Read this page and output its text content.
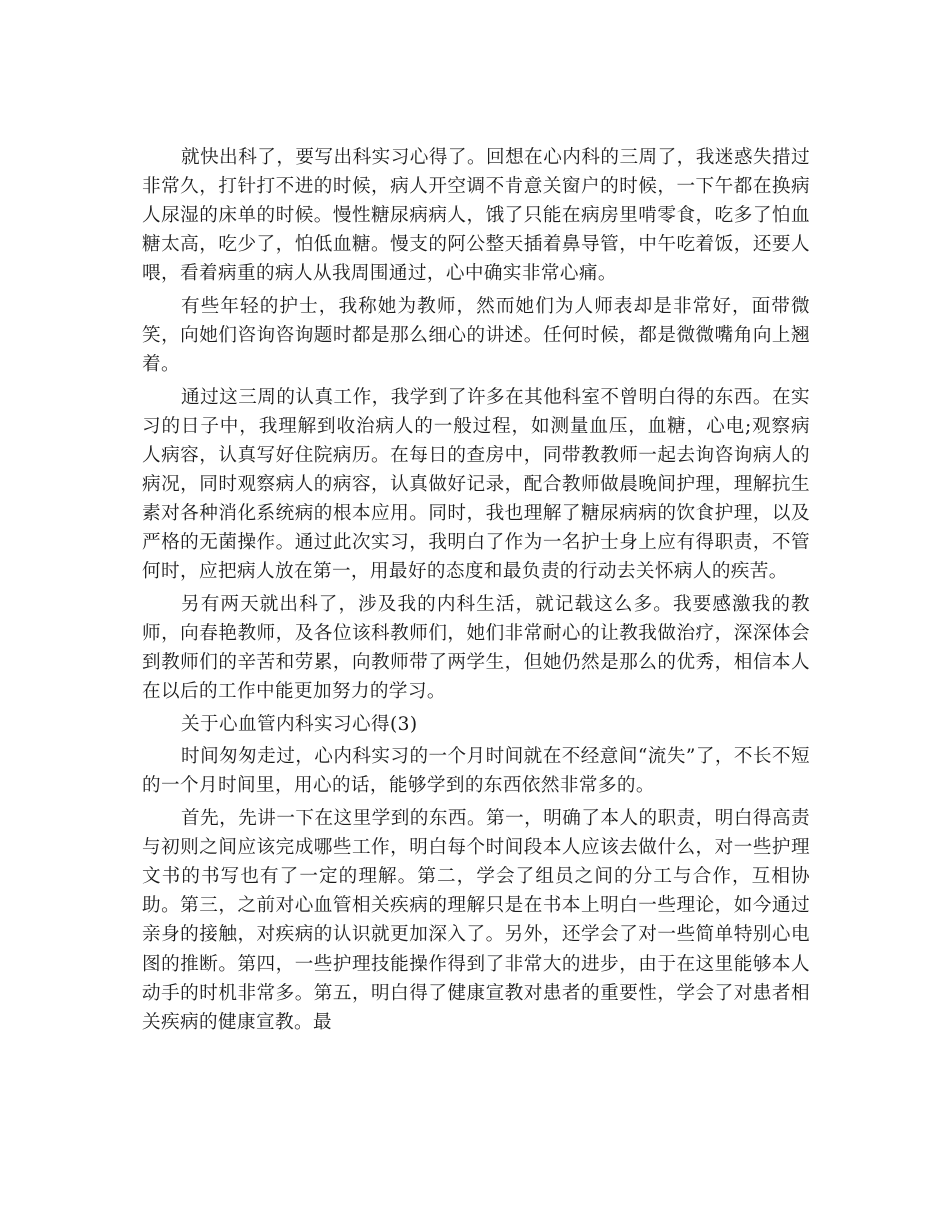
就快出科了，要写出科实习心得了。回想在心内科的三周了，我迷惑失措过非常久，打针打不进的时候，病人开空调不肯意关窗户的时候，一下午都在换病人尿湿的床单的时候。慢性糖尿病病人，饿了只能在病房里啃零食，吃多了怕血糖太高，吃少了，怕低血糖。慢支的阿公整天插着鼻导管，中午吃着饭，还要人喂，看着病重的病人从我周围通过，心中确实非常心痛。

有些年轻的护士，我称她为教师，然而她们为人师表却是非常好，面带微笑，向她们咨询咨询题时都是那么细心的讲述。任何时候，都是微微嘴角向上翘着。

通过这三周的认真工作，我学到了许多在其他科室不曾明白得的东西。在实习的日子中，我理解到收治病人的一般过程，如测量血压，血糖，心电;观察病人病容，认真写好住院病历。在每日的查房中，同带教教师一起去询咨询病人的病况，同时观察病人的病容，认真做好记录，配合教师做晨晚间护理，理解抗生素对各种消化系统病的根本应用。同时，我也理解了糖尿病病的饮食护理，以及严格的无菌操作。通过此次实习，我明白了作为一名护士身上应有得职责，不管何时，应把病人放在第一，用最好的态度和最负责的行动去关怀病人的疾苦。

另有两天就出科了，涉及我的内科生活，就记载这么多。我要感激我的教师，向春艳教师，及各位该科教师们，她们非常耐心的让教我做治疗，深深体会到教师们的辛苦和劳累，向教师带了两学生，但她仍然是那么的优秀，相信本人在以后的工作中能更加努力的学习。

关于心血管内科实习心得(3)

时间匆匆走过，心内科实习的一个月时间就在不经意间“流失”了，不长不短的一个月时间里，用心的话，能够学到的东西依然非常多的。

首先，先讲一下在这里学到的东西。第一，明确了本人的职责，明白得高责与初则之间应该完成哪些工作，明白每个时间段本人应该去做什么，对一些护理文书的书写也有了一定的理解。第二，学会了组员之间的分工与合作，互相协助。第三，之前对心血管相关疾病的理解只是在书本上明白一些理论，如今通过亲身的接触，对疾病的认识就更加深入了。另外，还学会了对一些简单特别心电图的推断。第四，一些护理技能操作得到了非常大的进步，由于在这里能够本人动手的时机非常多。第五，明白得了健康宣教对患者的重要性，学会了对患者相关疾病的健康宣教。最
